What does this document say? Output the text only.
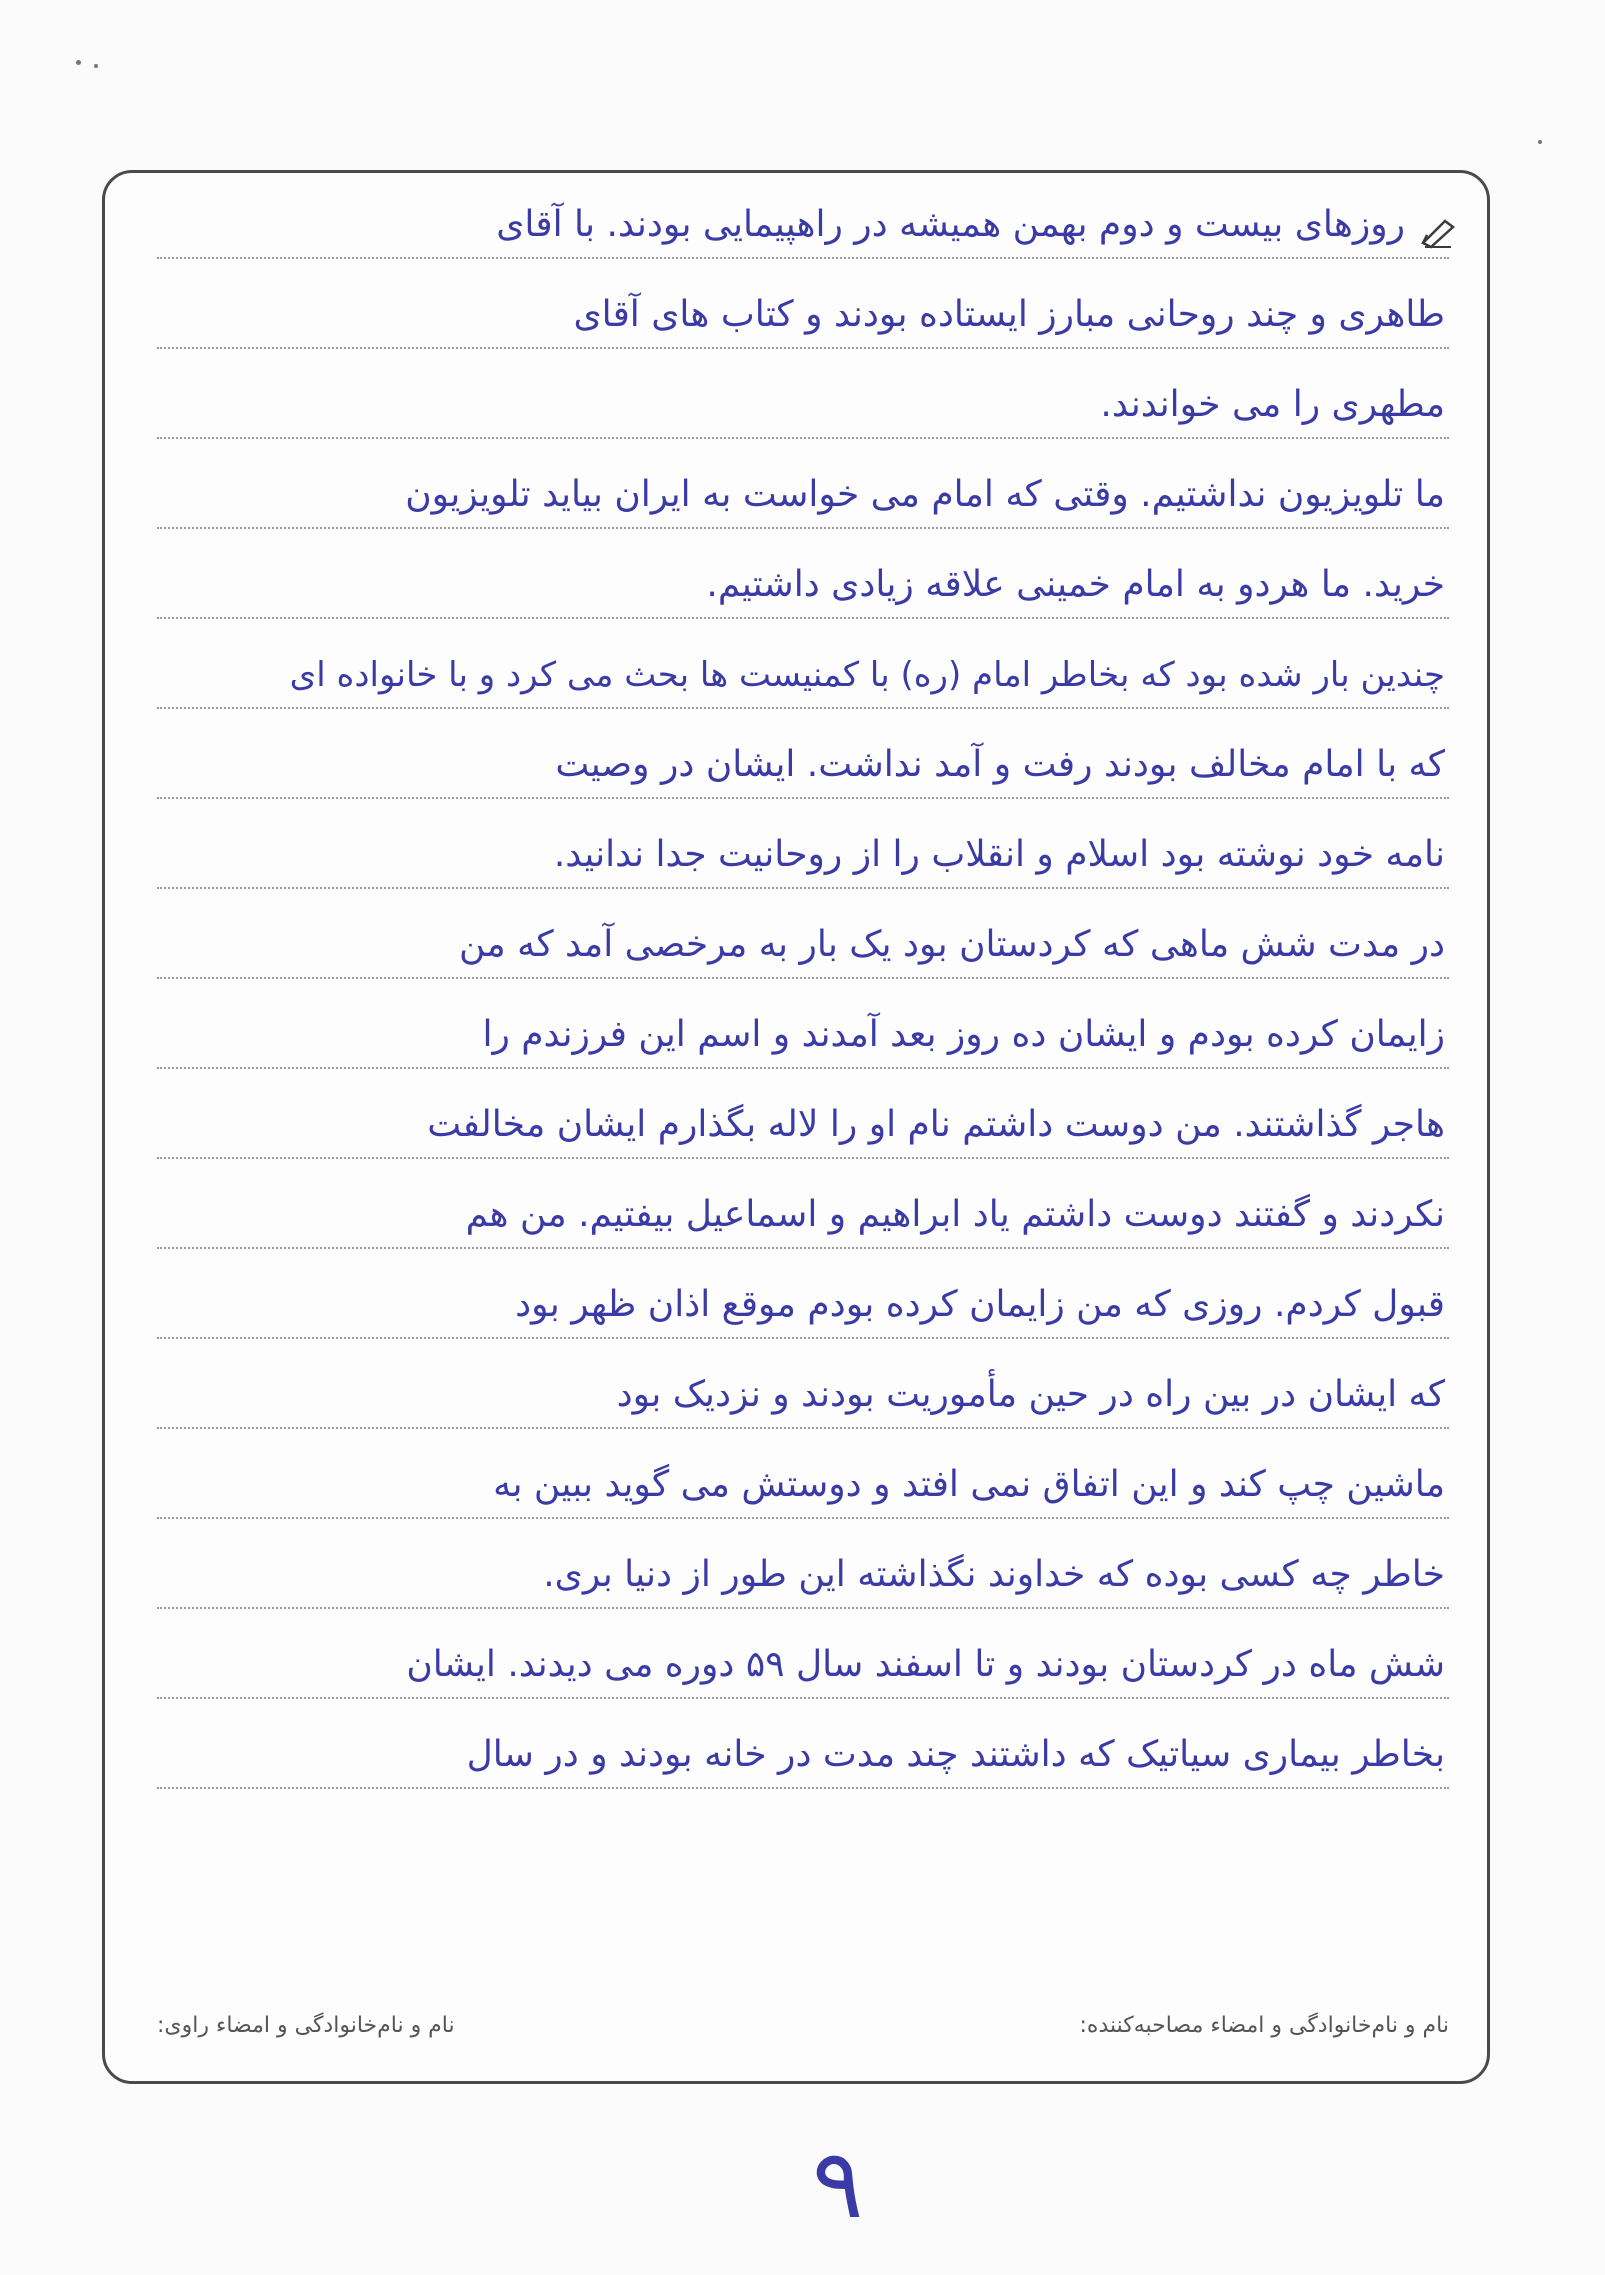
روزهای بیست و دوم بهمن همیشه در راهپیمایی بودند. با آقای
طاهری و چند روحانی مبارز ایستاده بودند و کتاب های آقای
مطهری را می خواندند.
ما تلویزیون نداشتیم. وقتی که امام می خواست به ایران بیاید تلویزیون
خرید. ما هردو به امام خمینی علاقه زیادی داشتیم.
چندین بار شده بود که بخاطر امام (ره) با کمنیست ها بحث می کرد و با خانواده ای
که با امام مخالف بودند رفت و آمد نداشت. ایشان در وصیت
نامه خود نوشته بود اسلام و انقلاب را از روحانیت جدا ندانید.
در مدت شش ماهی که کردستان بود یک بار به مرخصی آمد که من
زایمان کرده بودم و ایشان ده روز بعد آمدند و اسم این فرزندم را
هاجر گذاشتند. من دوست داشتم نام او را لاله بگذارم ایشان مخالفت
نکردند و گفتند دوست داشتم یاد ابراهیم و اسماعیل بیفتیم. من هم
قبول کردم. روزی که من زایمان کرده بودم موقع اذان ظهر بود
که ایشان در بین راه در حین مأموریت بودند و نزدیک بود
ماشین چپ کند و این اتفاق نمی افتد و دوستش می گوید ببین به
خاطر چه کسی بوده که خداوند نگذاشته این طور از دنیا بری.
شش ماه در کردستان بودند و تا اسفند سال ۵۹ دوره می دیدند. ایشان
بخاطر بیماری سیاتیک که داشتند چند مدت در خانه بودند و در سال
نام و نام‌خانوادگی و امضاء مصاحبه‌کننده:
نام و نام‌خانوادگی و امضاء راوی:
۹
